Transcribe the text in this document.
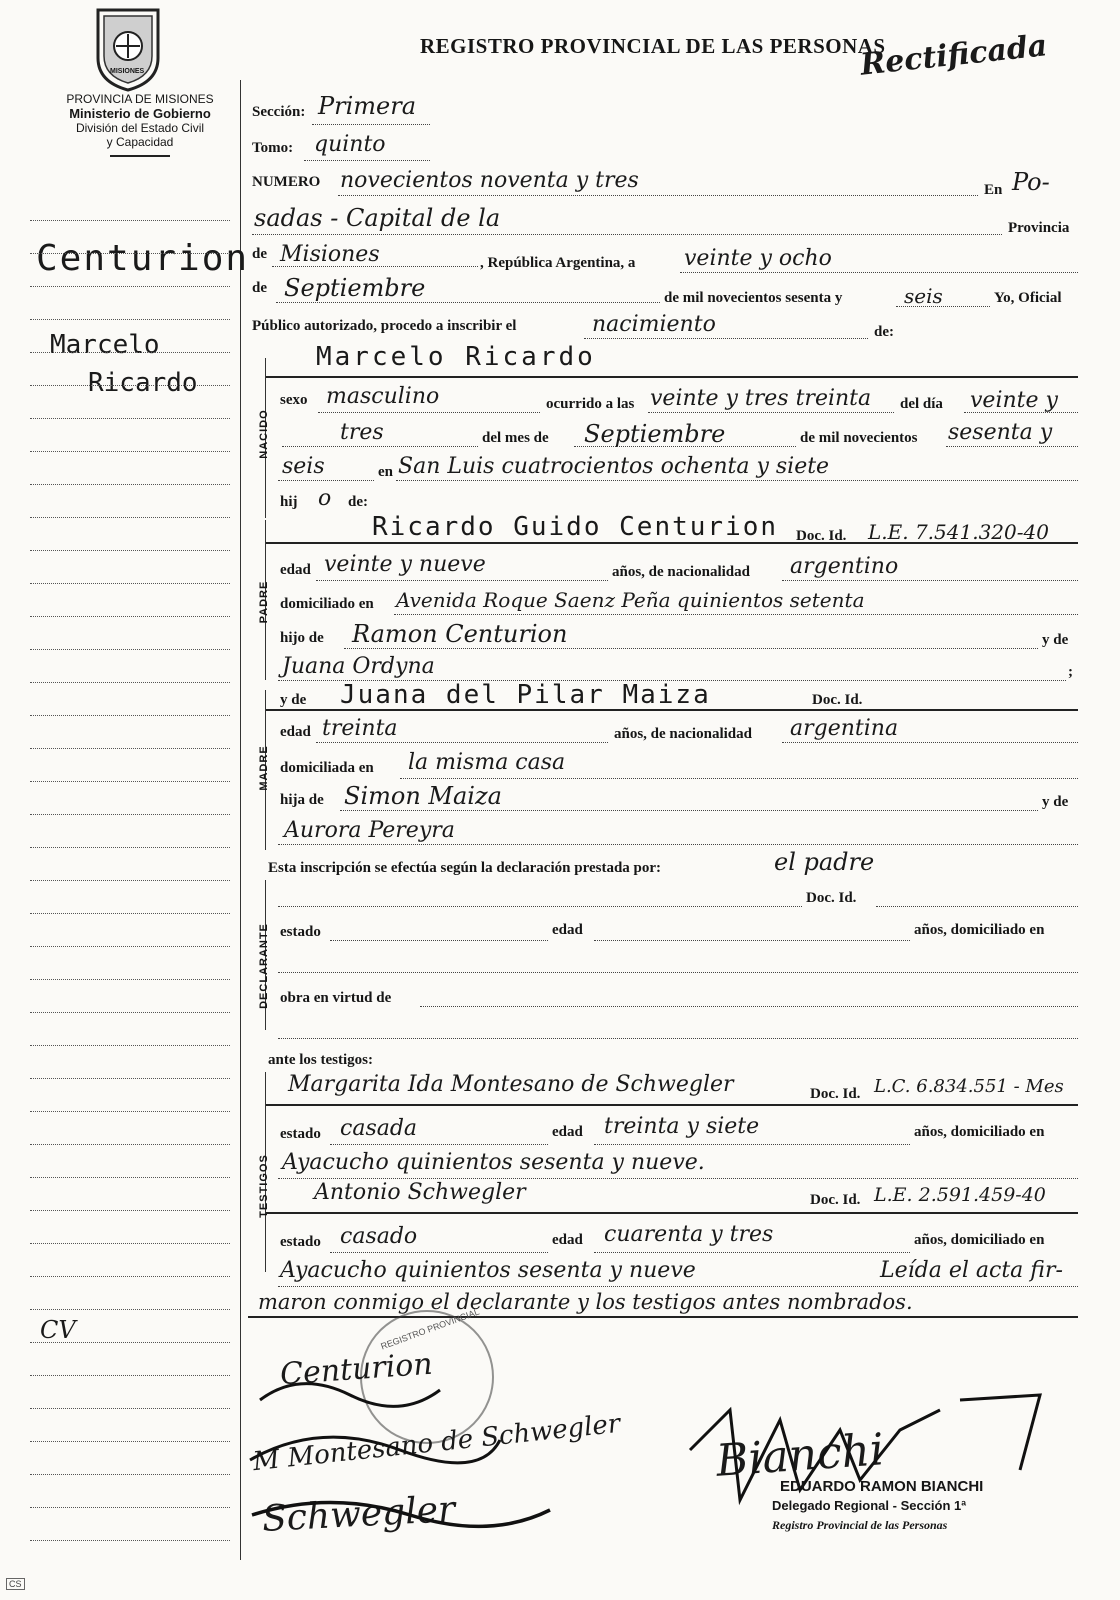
MISIONES
PROVINCIA DE MISIONES
Ministerio de Gobierno
División del Estado Civil
y Capacidad
REGISTRO PROVINCIAL DE LAS PERSONAS
Rectificada
Centurion
Marcelo
Ricardo
CV
NACIDO
PADRE
MADRE
DECLARANTE
TESTIGOS
Sección: Primera
Tomo: quinto
NUMERO novecientos noventa y tres	En Po-
sadas - Capital de la	Provincia
de Misiones	, República Argentina, a veinte y ocho
de Septiembre	de mil novecientos sesenta y	seis	Yo, Oficial
Público autorizado, procedo a inscribir el	nacimiento	de:
Marcelo Ricardo
sexo masculino	ocurrido a las veinte y tres treinta del día veinte y
tres	del mes de Septiembre	de mil novecientos sesenta y
seis	en San Luis cuatrocientos ochenta y siete
hij o de:
Ricardo Guido Centurion Doc. Id. L.E. 7.541.320-40
edad veinte y nueve	años, de nacionalidad argentino
domiciliado en Avenida Roque Saenz Peña quinientos setenta
hijo de Ramon Centurion	y de
Juana Ordyna	;
y de Juana del Pilar Maiza	Doc. Id.
edad treinta	años, de nacionalidad argentina
domiciliada en la misma casa
hija de Simon Maiza	y de
Aurora Pereyra
Esta inscripción se efectúa según la declaración prestada por:	el padre
Doc. Id.
estado	edad	años, domiciliado en
obra en virtud de
ante los testigos:
Margarita Ida Montesano de Schwegler	Doc. Id. L.C. 6.834.551 - Mes
estado casada	edad treinta y siete	años, domiciliado en
Ayacucho quinientos sesenta y nueve.
Antonio Schwegler	Doc. Id. L.E. 2.591.459-40
estado casado	edad cuarenta y tres	años, domiciliado en
Ayacucho quinientos sesenta y nueve	Leída el acta fir-
maron conmigo el declarante y los testigos antes nombrados.
REGISTRO PROVINCIAL
Centurion
M Montesano de Schwegler
Schwegler
Bianchi
EDUARDO RAMON BIANCHI
Delegado Regional - Sección 1ª
Registro Provincial de las Personas
CS
